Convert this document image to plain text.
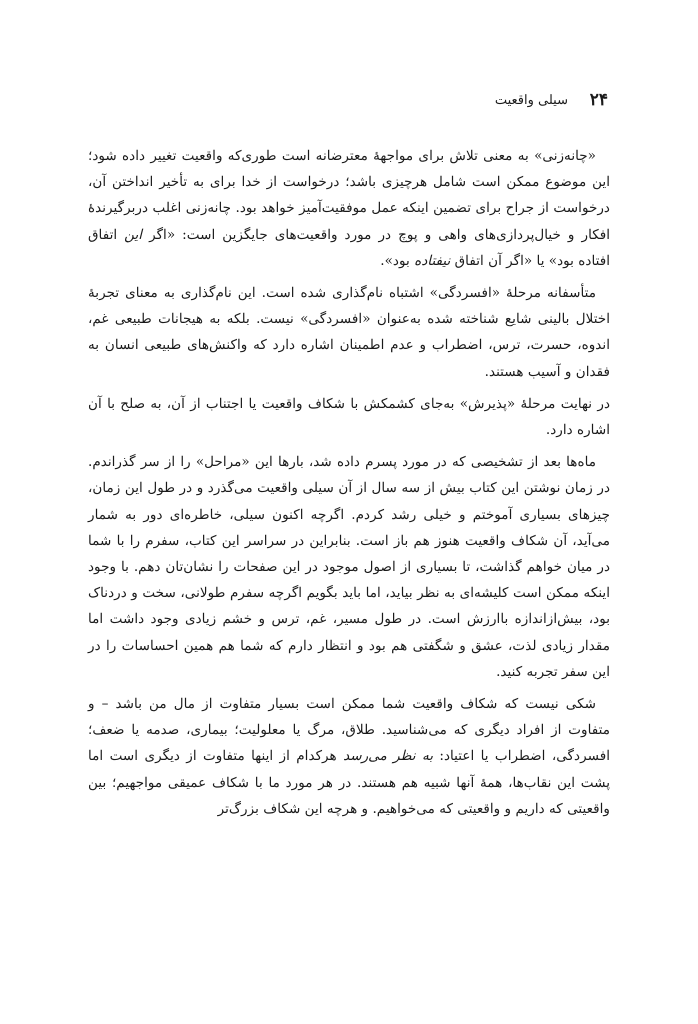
۲۴
سیلی واقعیت

«چانه‌زنی» به معنی تلاش برای مواجهۀ معترضانه است طوری‌که واقعیت تغییر داده شود؛ این موضوع ممکن است شامل هرچیزی باشد؛ درخواست از خدا برای به تأخیر انداختن آن، درخواست از جراح برای تضمین اینکه عمل موفقیت‌آمیز خواهد بود. چانه‌زنی اغلب دربرگیرندۀ افکار و خیال‌پردازی‌های واهی و پوچ در مورد واقعیت‌های جایگزین است: «اگر این اتفاق افتاده بود» یا «اگر آن اتفاق نیفتاده بود».

متأسفانه مرحلۀ «افسردگی» اشتباه نام‌گذاری شده است. این نام‌گذاری به معنای تجربۀ اختلال بالینی شایع شناخته شده به‌عنوان «افسردگی» نیست. بلکه به هیجانات طبیعی غم، اندوه، حسرت، ترس، اضطراب و عدم اطمینان اشاره دارد که واکنش‌های طبیعی انسان به فقدان و آسیب هستند.

در نهایت مرحلۀ «پذیرش» به‌جای کشمکش با شکاف واقعیت یا اجتناب از آن، به صلح با آن اشاره دارد.

ماه‌ها بعد از تشخیصی که در مورد پسرم داده شد، بارها این «مراحل» را از سر گذراندم. در زمان نوشتن این کتاب بیش از سه سال از آن سیلی واقعیت می‌گذرد و در طول این زمان، چیزهای بسیاری آموختم و خیلی رشد کردم. اگرچه اکنون سیلی، خاطره‌ای دور به شمار می‌آید، آن شکاف واقعیت هنوز هم باز است. بنابراین در سراسر این کتاب، سفرم را با شما در میان خواهم گذاشت، تا بسیاری از اصول موجود در این صفحات را نشان‌تان دهم. با وجود اینکه ممکن است کلیشه‌ای به نظر بیاید، اما باید بگویم اگرچه سفرم طولانی، سخت و دردناک بود، بیش‌ازاندازه باارزش است. در طول مسیر، غم، ترس و خشم زیادی وجود داشت اما مقدار زیادی لذت، عشق و شگفتی هم بود و انتظار دارم که شما هم همین احساسات را در این سفر تجربه کنید.

شکی نیست که شکاف واقعیت شما ممکن است بسیار متفاوت از مال من باشد – و متفاوت از افراد دیگری که می‌شناسید. طلاق، مرگ یا معلولیت؛ بیماری، صدمه یا ضعف؛ افسردگی، اضطراب یا اعتیاد: به نظر می‌رسد هرکدام از اینها متفاوت از دیگری است اما پشت این نقاب‌ها، همۀ آنها شبیه هم هستند. در هر مورد ما با شکاف عمیقی مواجهیم؛ بین واقعیتی که داریم و واقعیتی که می‌خواهیم. و هرچه این شکاف بزرگ‌تر
